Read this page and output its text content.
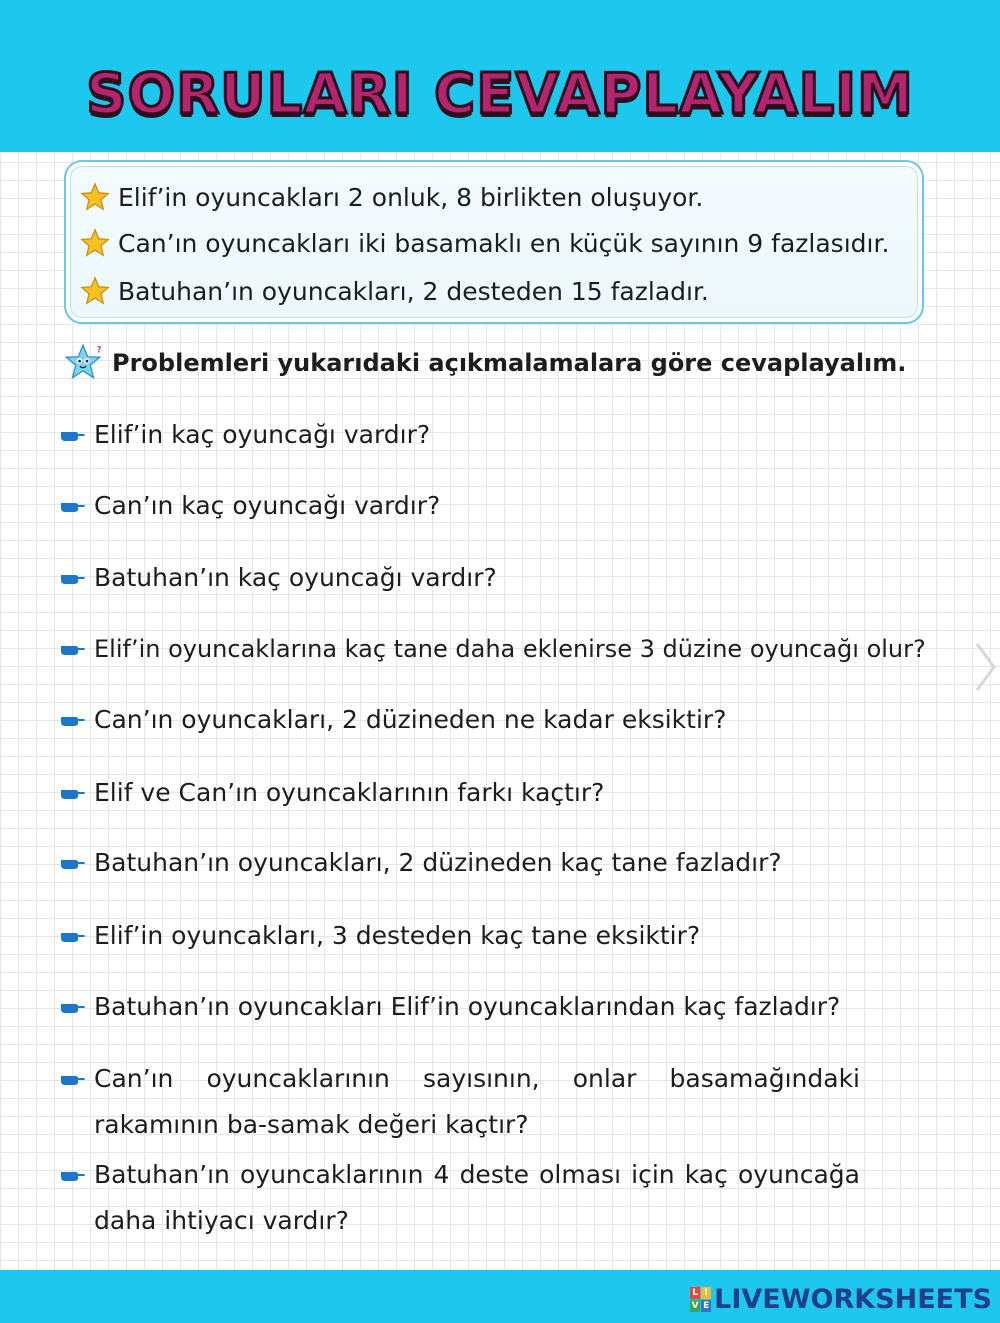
SORULARI CEVAPLAYALIM
Elif’in oyuncakları 2 onluk, 8 birlikten oluşuyor.
Can’ın oyuncakları iki basamaklı en küçük sayının 9 fazlasıdır.
Batuhan’ın oyuncakları, 2 desteden 15 fazladır.
? Problemleri yukarıdaki açıkmalamalara göre cevaplayalım.
Elif’in kaç oyuncağı vardır?
Can’ın kaç oyuncağı vardır?
Batuhan’ın kaç oyuncağı vardır?
Elif’in oyuncaklarına kaç tane daha eklenirse 3 düzine oyuncağı olur?
Can’ın oyuncakları, 2 düzineden ne kadar eksiktir?
Elif ve Can’ın oyuncaklarının farkı kaçtır?
Batuhan’ın oyuncakları, 2 düzineden kaç tane fazladır?
Elif’in oyuncakları, 3 desteden kaç tane eksiktir?
Batuhan’ın oyuncakları Elif’in oyuncaklarından kaç fazladır?
Can’ın oyuncaklarının sayısının, onlar basamağındaki rakamının ba-samak değeri kaçtır?
Batuhan’ın oyuncaklarının 4 deste olması için kaç oyuncağa daha ihtiyacı vardır?
L I
V E LIVEWORKSHEETS
